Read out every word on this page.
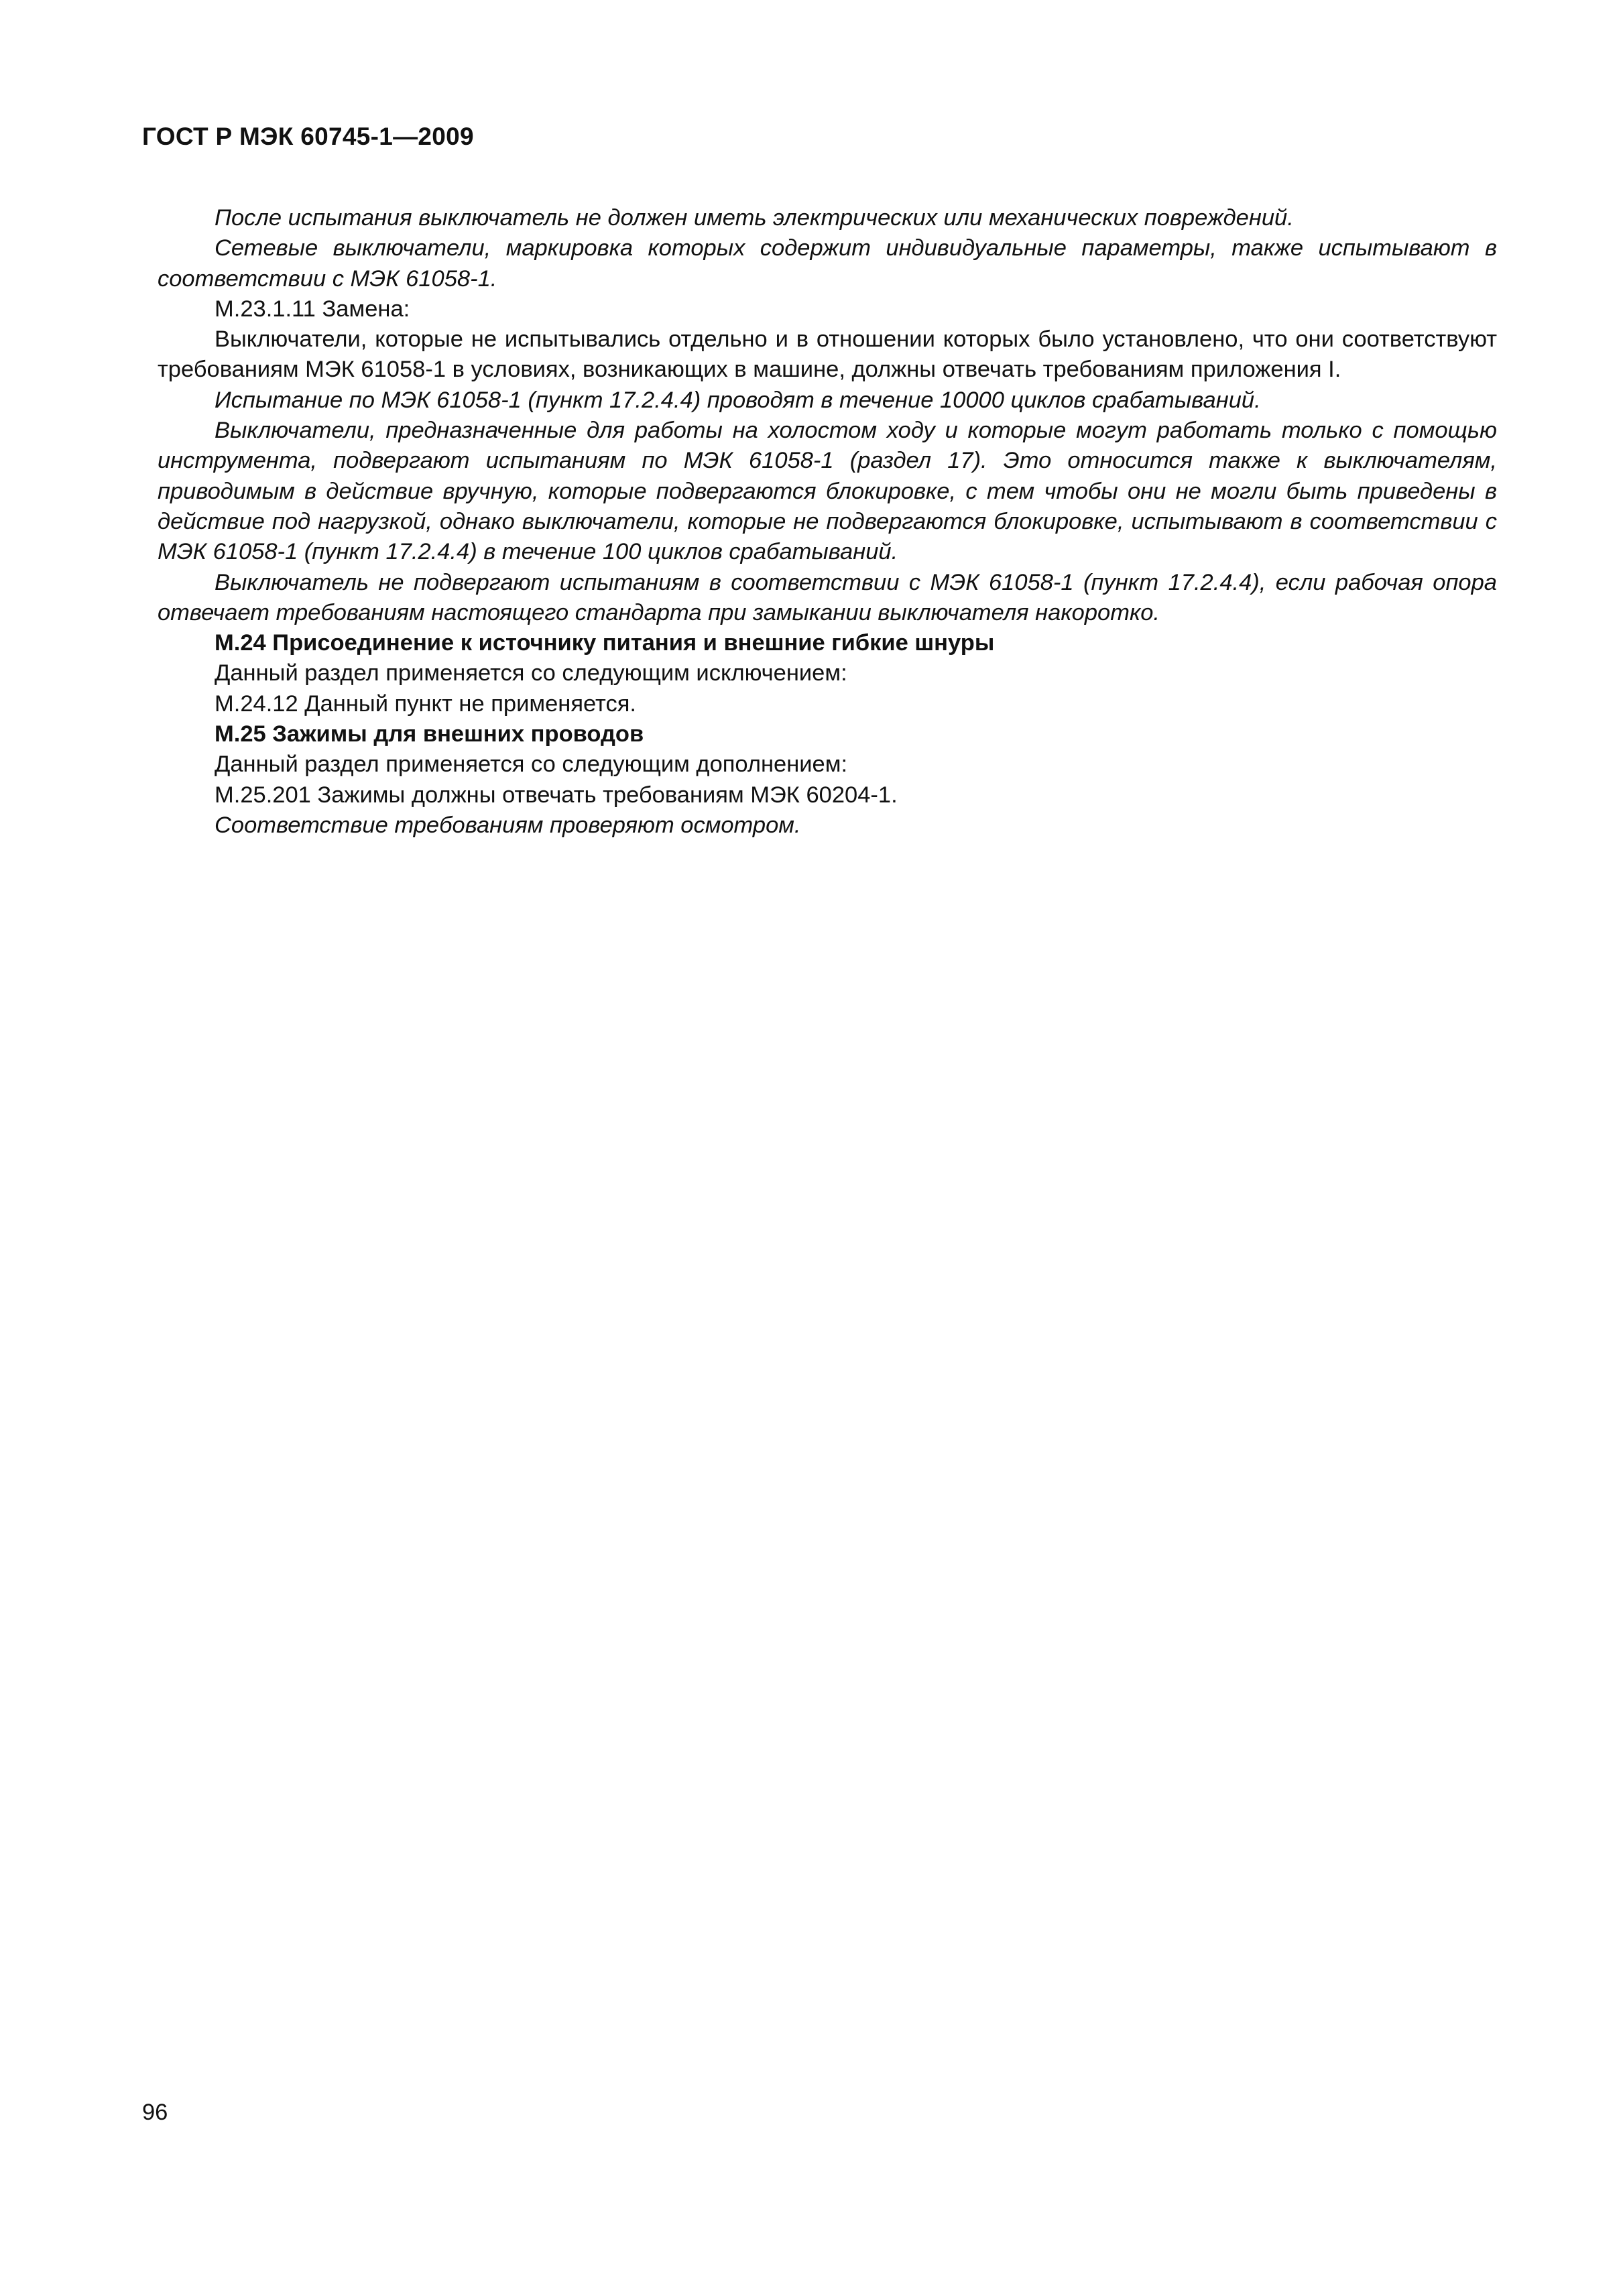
ГОСТ Р МЭК 60745-1—2009

После испытания выключатель не должен иметь электрических или механических повреждений.

Сетевые выключатели, маркировка которых содержит индивидуальные параметры, также испытывают в соответствии с МЭК 61058-1.

М.23.1.11 Замена:

Выключатели, которые не испытывались отдельно и в отношении которых было установлено, что они соответствуют требованиям МЭК 61058-1 в условиях, возникающих в машине, должны отвечать требованиям приложения I.

Испытание по МЭК 61058-1 (пункт 17.2.4.4) проводят в течение 10000 циклов срабатываний.

Выключатели, предназначенные для работы на холостом ходу и которые могут работать только с помощью инструмента, подвергают испытаниям по МЭК 61058-1 (раздел 17). Это относится также к выключателям, приводимым в действие вручную, которые подвергаются блокировке, с тем чтобы они не могли быть приведены в действие под нагрузкой, однако выключатели, которые не подвергаются блокировке, испытывают в соответствии с МЭК 61058-1 (пункт 17.2.4.4) в течение 100 циклов срабатываний.

Выключатель не подвергают испытаниям в соответствии с МЭК 61058-1 (пункт 17.2.4.4), если рабочая опора отвечает требованиям настоящего стандарта при замыкании выключателя накоротко.

М.24 Присоединение к источнику питания и внешние гибкие шнуры

Данный раздел применяется со следующим исключением:

М.24.12 Данный пункт не применяется.

М.25 Зажимы для внешних проводов

Данный раздел применяется со следующим дополнением:

М.25.201 Зажимы должны отвечать требованиям МЭК 60204-1.

Соответствие требованиям проверяют осмотром.

96
